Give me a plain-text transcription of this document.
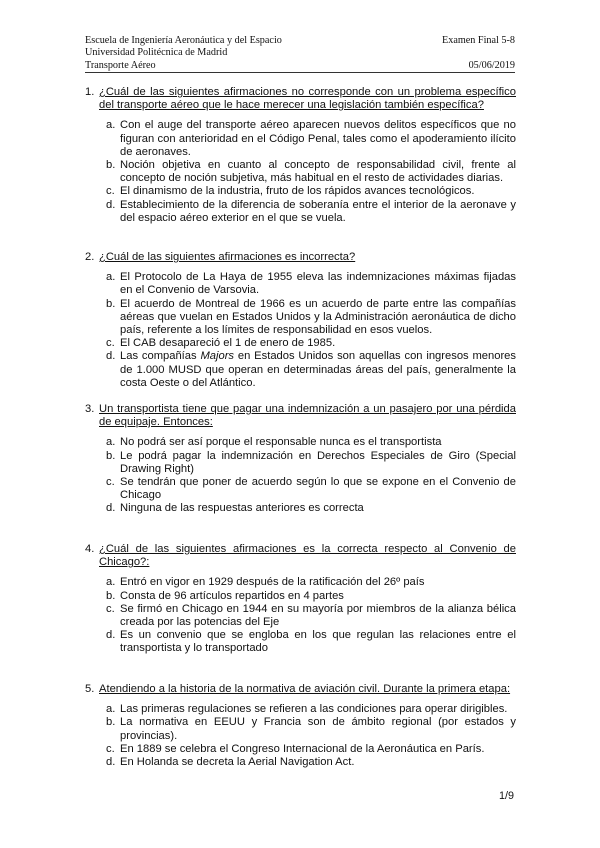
Escuela de Ingeniería Aeronáutica y del Espacio	Examen Final 5-8
Universidad Politécnica de Madrid
Transporte Aéreo	05/06/2019
1. ¿Cuál de las siguientes afirmaciones no corresponde con un problema específico del transporte aéreo que le hace merecer una legislación también específica?
a. Con el auge del transporte aéreo aparecen nuevos delitos específicos que no figuran con anterioridad en el Código Penal, tales como el apoderamiento ilícito de aeronaves.
b. Noción objetiva en cuanto al concepto de responsabilidad civil, frente al concepto de noción subjetiva, más habitual en el resto de actividades diarias.
c. El dinamismo de la industria, fruto de los rápidos avances tecnológicos.
d. Establecimiento de la diferencia de soberanía entre el interior de la aeronave y del espacio aéreo exterior en el que se vuela.
2. ¿Cuál de las siguientes afirmaciones es incorrecta?
a. El Protocolo de La Haya de 1955 eleva las indemnizaciones máximas fijadas en el Convenio de Varsovia.
b. El acuerdo de Montreal de 1966 es un acuerdo de parte entre las compañías aéreas que vuelan en Estados Unidos y la Administración aeronáutica de dicho país, referente a los límites de responsabilidad en esos vuelos.
c. El CAB desapareció el 1 de enero de 1985.
d. Las compañías Majors en Estados Unidos son aquellas con ingresos menores de 1.000 MUSD que operan en determinadas áreas del país, generalmente la costa Oeste o del Atlántico.
3. Un transportista tiene que pagar una indemnización a un pasajero por una pérdida de equipaje. Entonces:
a. No podrá ser así porque el responsable nunca es el transportista
b. Le podrá pagar la indemnización en Derechos Especiales de Giro (Special Drawing Right)
c. Se tendrán que poner de acuerdo según lo que se expone en el Convenio de Chicago
d. Ninguna de las respuestas anteriores es correcta
4. ¿Cuál de las siguientes afirmaciones es la correcta respecto al Convenio de Chicago?:
a. Entró en vigor en 1929 después de la ratificación del 26º país
b. Consta de 96 artículos repartidos en 4 partes
c. Se firmó en Chicago en 1944 en su mayoría por miembros de la alianza bélica creada por las potencias del Eje
d. Es un convenio que se engloba en los que regulan las relaciones entre el transportista y lo transportado
5. Atendiendo a la historia de la normativa de aviación civil. Durante la primera etapa:
a. Las primeras regulaciones se refieren a las condiciones para operar dirigibles.
b. La normativa en EEUU y Francia son de ámbito regional (por estados y provincias).
c. En 1889 se celebra el Congreso Internacional de la Aeronáutica en París.
d. En Holanda se decreta la Aerial Navigation Act.
1/9
